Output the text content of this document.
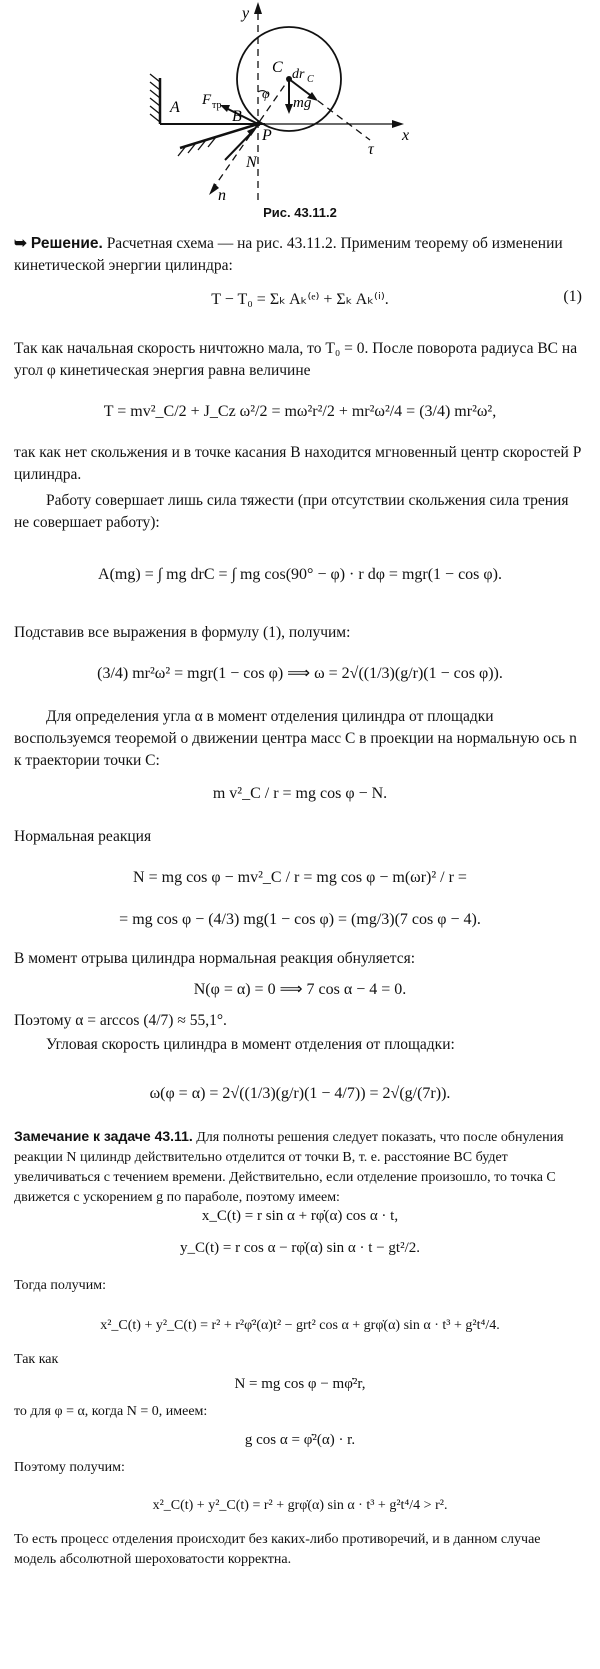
y
A F тр
B
P
C
φ
dr C
mg
x
τ
N
n
Рис. 43.11.2
➥ Решение. Расчетная схема — на рис. 43.11.2. Применим теорему об изменении кинетической энергии цилиндра:
T − T₀ = Σₖ Aₖ⁽ᵉ⁾ + Σₖ Aₖ⁽ⁱ⁾.	(1)
Так как начальная скорость ничтожно мала, то T₀ = 0. После поворота радиуса BC на угол φ кинетическая энергия равна величине
T = mv²_C/2 + J_Cz ω²/2 = mω²r²/2 + mr²ω²/4 = (3/4) mr²ω²,
так как нет скольжения и в точке касания B находится мгновенный центр скоростей P цилиндра.
Работу совершает лишь сила тяжести (при отсутствии скольжения сила трения не совершает работу):
A(mg) = ∫ mg drC = ∫ mg cos(90° − φ) · r dφ = mgr(1 − cos φ).
Подставив все выражения в формулу (1), получим:
(3/4) mr²ω² = mgr(1 − cos φ) ⟹ ω = 2√((1/3)(g/r)(1 − cos φ)).
Для определения угла α в момент отделения цилиндра от площадки воспользуемся теоремой о движении центра масс C в проекции на нормальную ось n к траектории точки C:
m v²_C / r = mg cos φ − N.
Нормальная реакция
N = mg cos φ − mv²_C / r = mg cos φ − m(ωr)² / r =
= mg cos φ − (4/3) mg(1 − cos φ) = (mg/3)(7 cos φ − 4).
В момент отрыва цилиндра нормальная реакция обнуляется:
N(φ = α) = 0 ⟹ 7 cos α − 4 = 0.
Поэтому α = arccos (4/7) ≈ 55,1°.
Угловая скорость цилиндра в момент отделения от площадки:
ω(φ = α) = 2√((1/3)(g/r)(1 − 4/7)) = 2√(g/(7r)).
Замечание к задаче 43.11. Для полноты решения следует показать, что после обнуления реакции N цилиндр действительно отделится от точки B, т. е. расстояние BC будет увеличиваться с течением времени. Действительно, если отделение произошло, то точка C движется с ускорением g по параболе, поэтому имеем:
x_C(t) = r sin α + rφ̇(α) cos α · t,
y_C(t) = r cos α − rφ̇(α) sin α · t − gt²/2.
Тогда получим:
x²_C(t) + y²_C(t) = r² + r²φ̇²(α)t² − grt² cos α + grφ̇(α) sin α · t³ + g²t⁴/4.
Так как
N = mg cos φ − mφ̇²r,
то для φ = α, когда N = 0, имеем:
g cos α = φ̇²(α) · r.
Поэтому получим:
x²_C(t) + y²_C(t) = r² + grφ̇(α) sin α · t³ + g²t⁴/4 > r².
То есть процесс отделения происходит без каких-либо противоречий, и в данном случае модель абсолютной шероховатости корректна.
